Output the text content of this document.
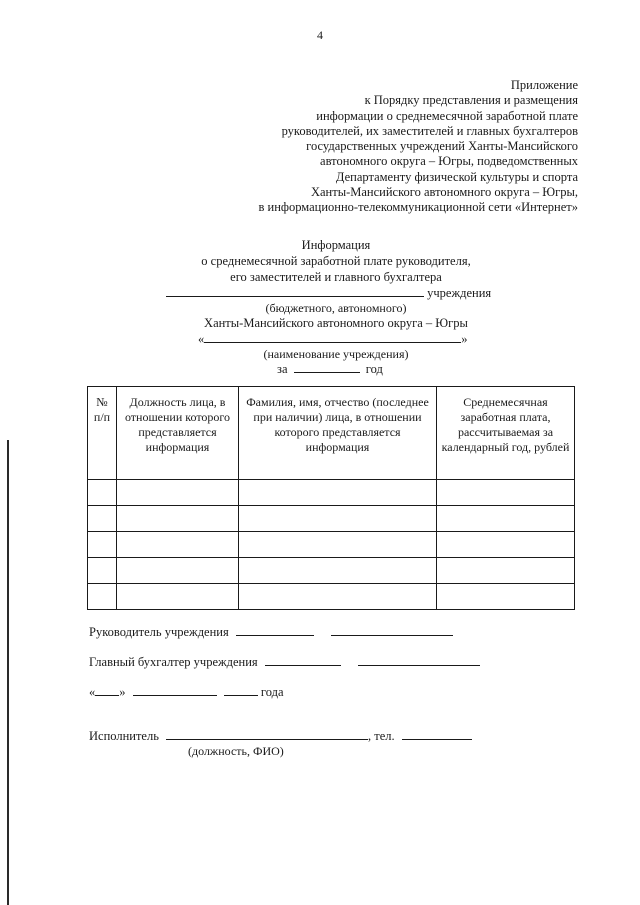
4
Приложение
к Порядку представления и размещения
информации о среднемесячной заработной плате
руководителей, их заместителей и главных бухгалтеров
государственных учреждений Ханты-Мансийского
автономного округа – Югры, подведомственных
Департаменту физической культуры и спорта
Ханты-Мансийского автономного округа – Югры,
в информационно-телекоммуникационной сети «Интернет»
Информация
о среднемесячной заработной плате руководителя,
его заместителей и главного бухгалтера
учреждения
(бюджетного, автономного)
Ханты-Мансийского автономного округа – Югры
«	»
(наименование учреждения)
за	год
№ п/п	Должность лица, в отношении которого представляется информация	Фамилия, имя, отчество (последнее при наличии) лица, в отношении которого представляется информация	Среднемесячная заработная плата, рассчитываемая за календарный год, рублей

Руководитель учреждения
Главный бухгалтер учреждения
« »	года
Исполнитель	, тел.
(должность, ФИО)
